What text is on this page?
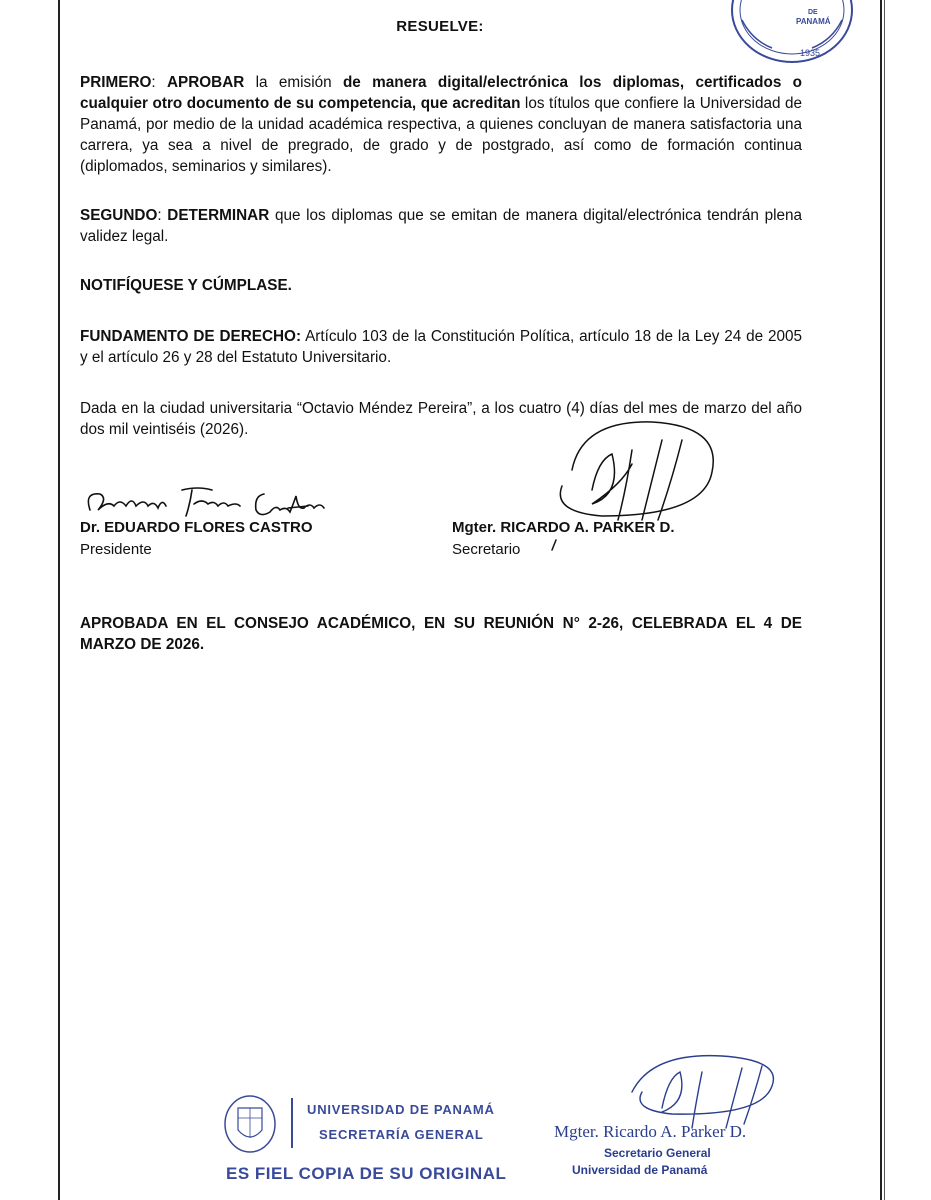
DE
PANAMÁ
1935
RESUELVE:
PRIMERO: APROBAR la emisión de manera digital/electrónica los diplomas, certificados o cualquier otro documento de su competencia, que acreditan los títulos que confiere la Universidad de Panamá, por medio de la unidad académica respectiva, a quienes concluyan de manera satisfactoria una carrera, ya sea a nivel de pregrado, de grado y de postgrado, así como de formación continua (diplomados, seminarios y similares).
SEGUNDO: DETERMINAR que los diplomas que se emitan de manera digital/electrónica tendrán plena validez legal.
NOTIFÍQUESE Y CÚMPLASE.
FUNDAMENTO DE DERECHO: Artículo 103 de la Constitución Política, artículo 18 de la Ley 24 de 2005 y el artículo 26 y 28 del Estatuto Universitario.
Dada en la ciudad universitaria “Octavio Méndez Pereira”, a los cuatro (4) días del mes de marzo del año dos mil veintiséis (2026).
Dr. EDUARDO FLORES CASTRO
Presidente
Mgter. RICARDO A. PARKER D.
Secretario
APROBADA EN EL CONSEJO ACADÉMICO, EN SU REUNIÓN N° 2-26, CELEBRADA EL 4 DE MARZO DE 2026.
UNIVERSIDAD DE PANAMÁ
SECRETARÍA GENERAL
ES FIEL COPIA DE SU ORIGINAL
Mgter. Ricardo A. Parker D.
Secretario General
Universidad de Panamá
